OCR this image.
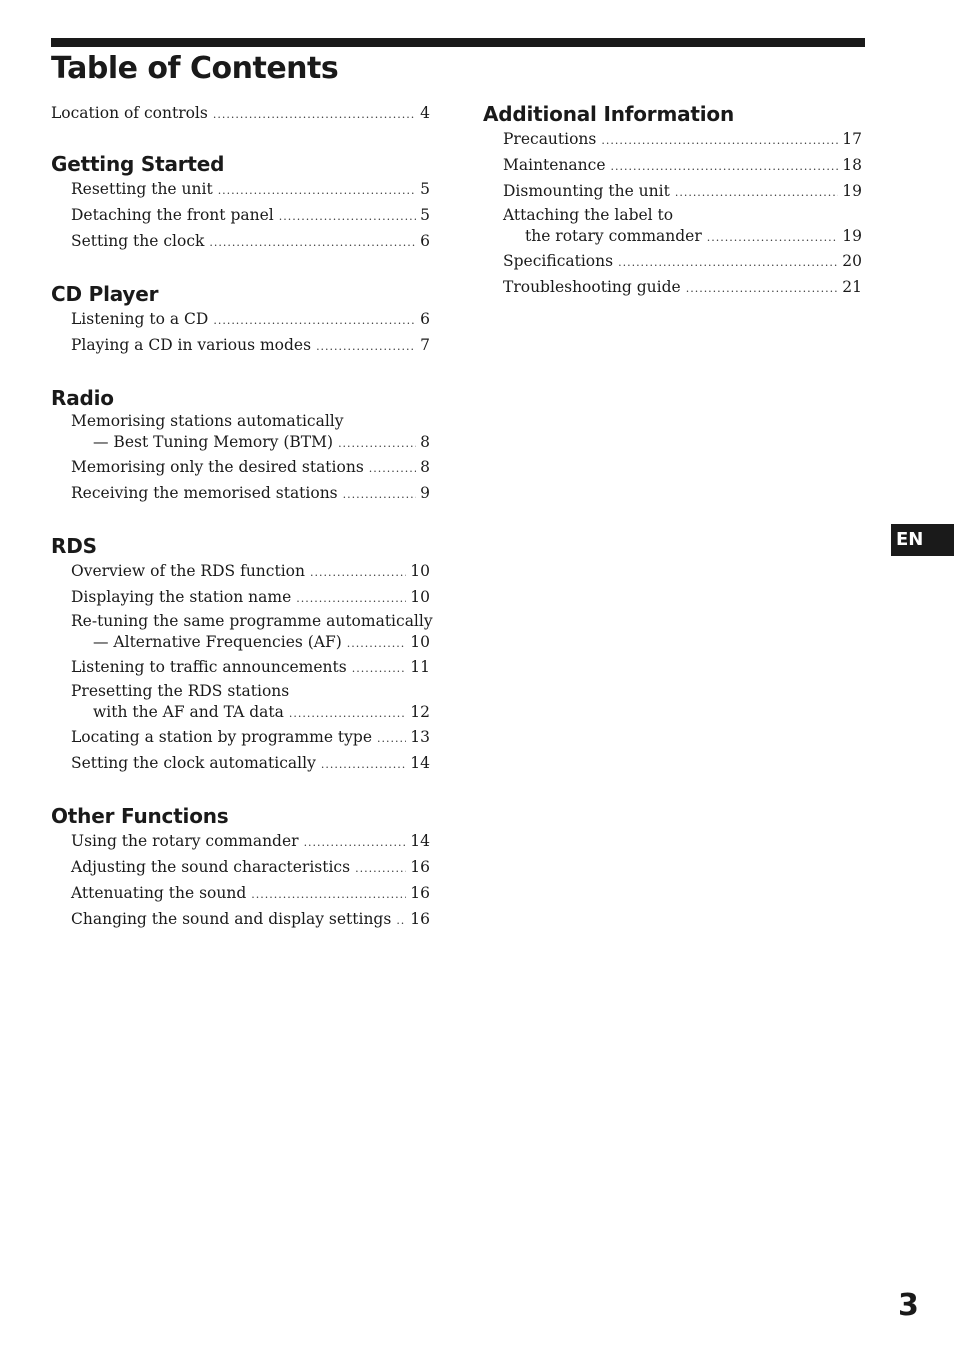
Table of Contents
Location of controls .....	4
Getting Started
Resetting the unit .....	5
Detaching the front panel .....	5
Setting the clock .....	6
CD Player
Listening to a CD .....	6
Playing a CD in various modes .....	7
Radio
Memorising stations automatically
— Best Tuning Memory (BTM) .....	8
Memorising only the desired stations .....	8
Receiving the memorised stations .....	9
RDS
Overview of the RDS function .....	10
Displaying the station name .....	10
Re-tuning the same programme automatically
— Alternative Frequencies (AF) .....	10
Listening to traffic announcements .....	11
Presetting the RDS stations
with the AF and TA data .....	12
Locating a station by programme type ..... 13
Setting the clock automatically .....	14
Other Functions
Using the rotary commander .....	14
Adjusting the sound characteristics .....	16
Attenuating the sound .....	16
Changing the sound and display settings ..... 16
Additional Information
Precautions .....	17
Maintenance .....	18
Dismounting the unit .....	19
Attaching the label to
the rotary commander .....	19
Specifications .....	20
Troubleshooting guide .....	21
EN
3
